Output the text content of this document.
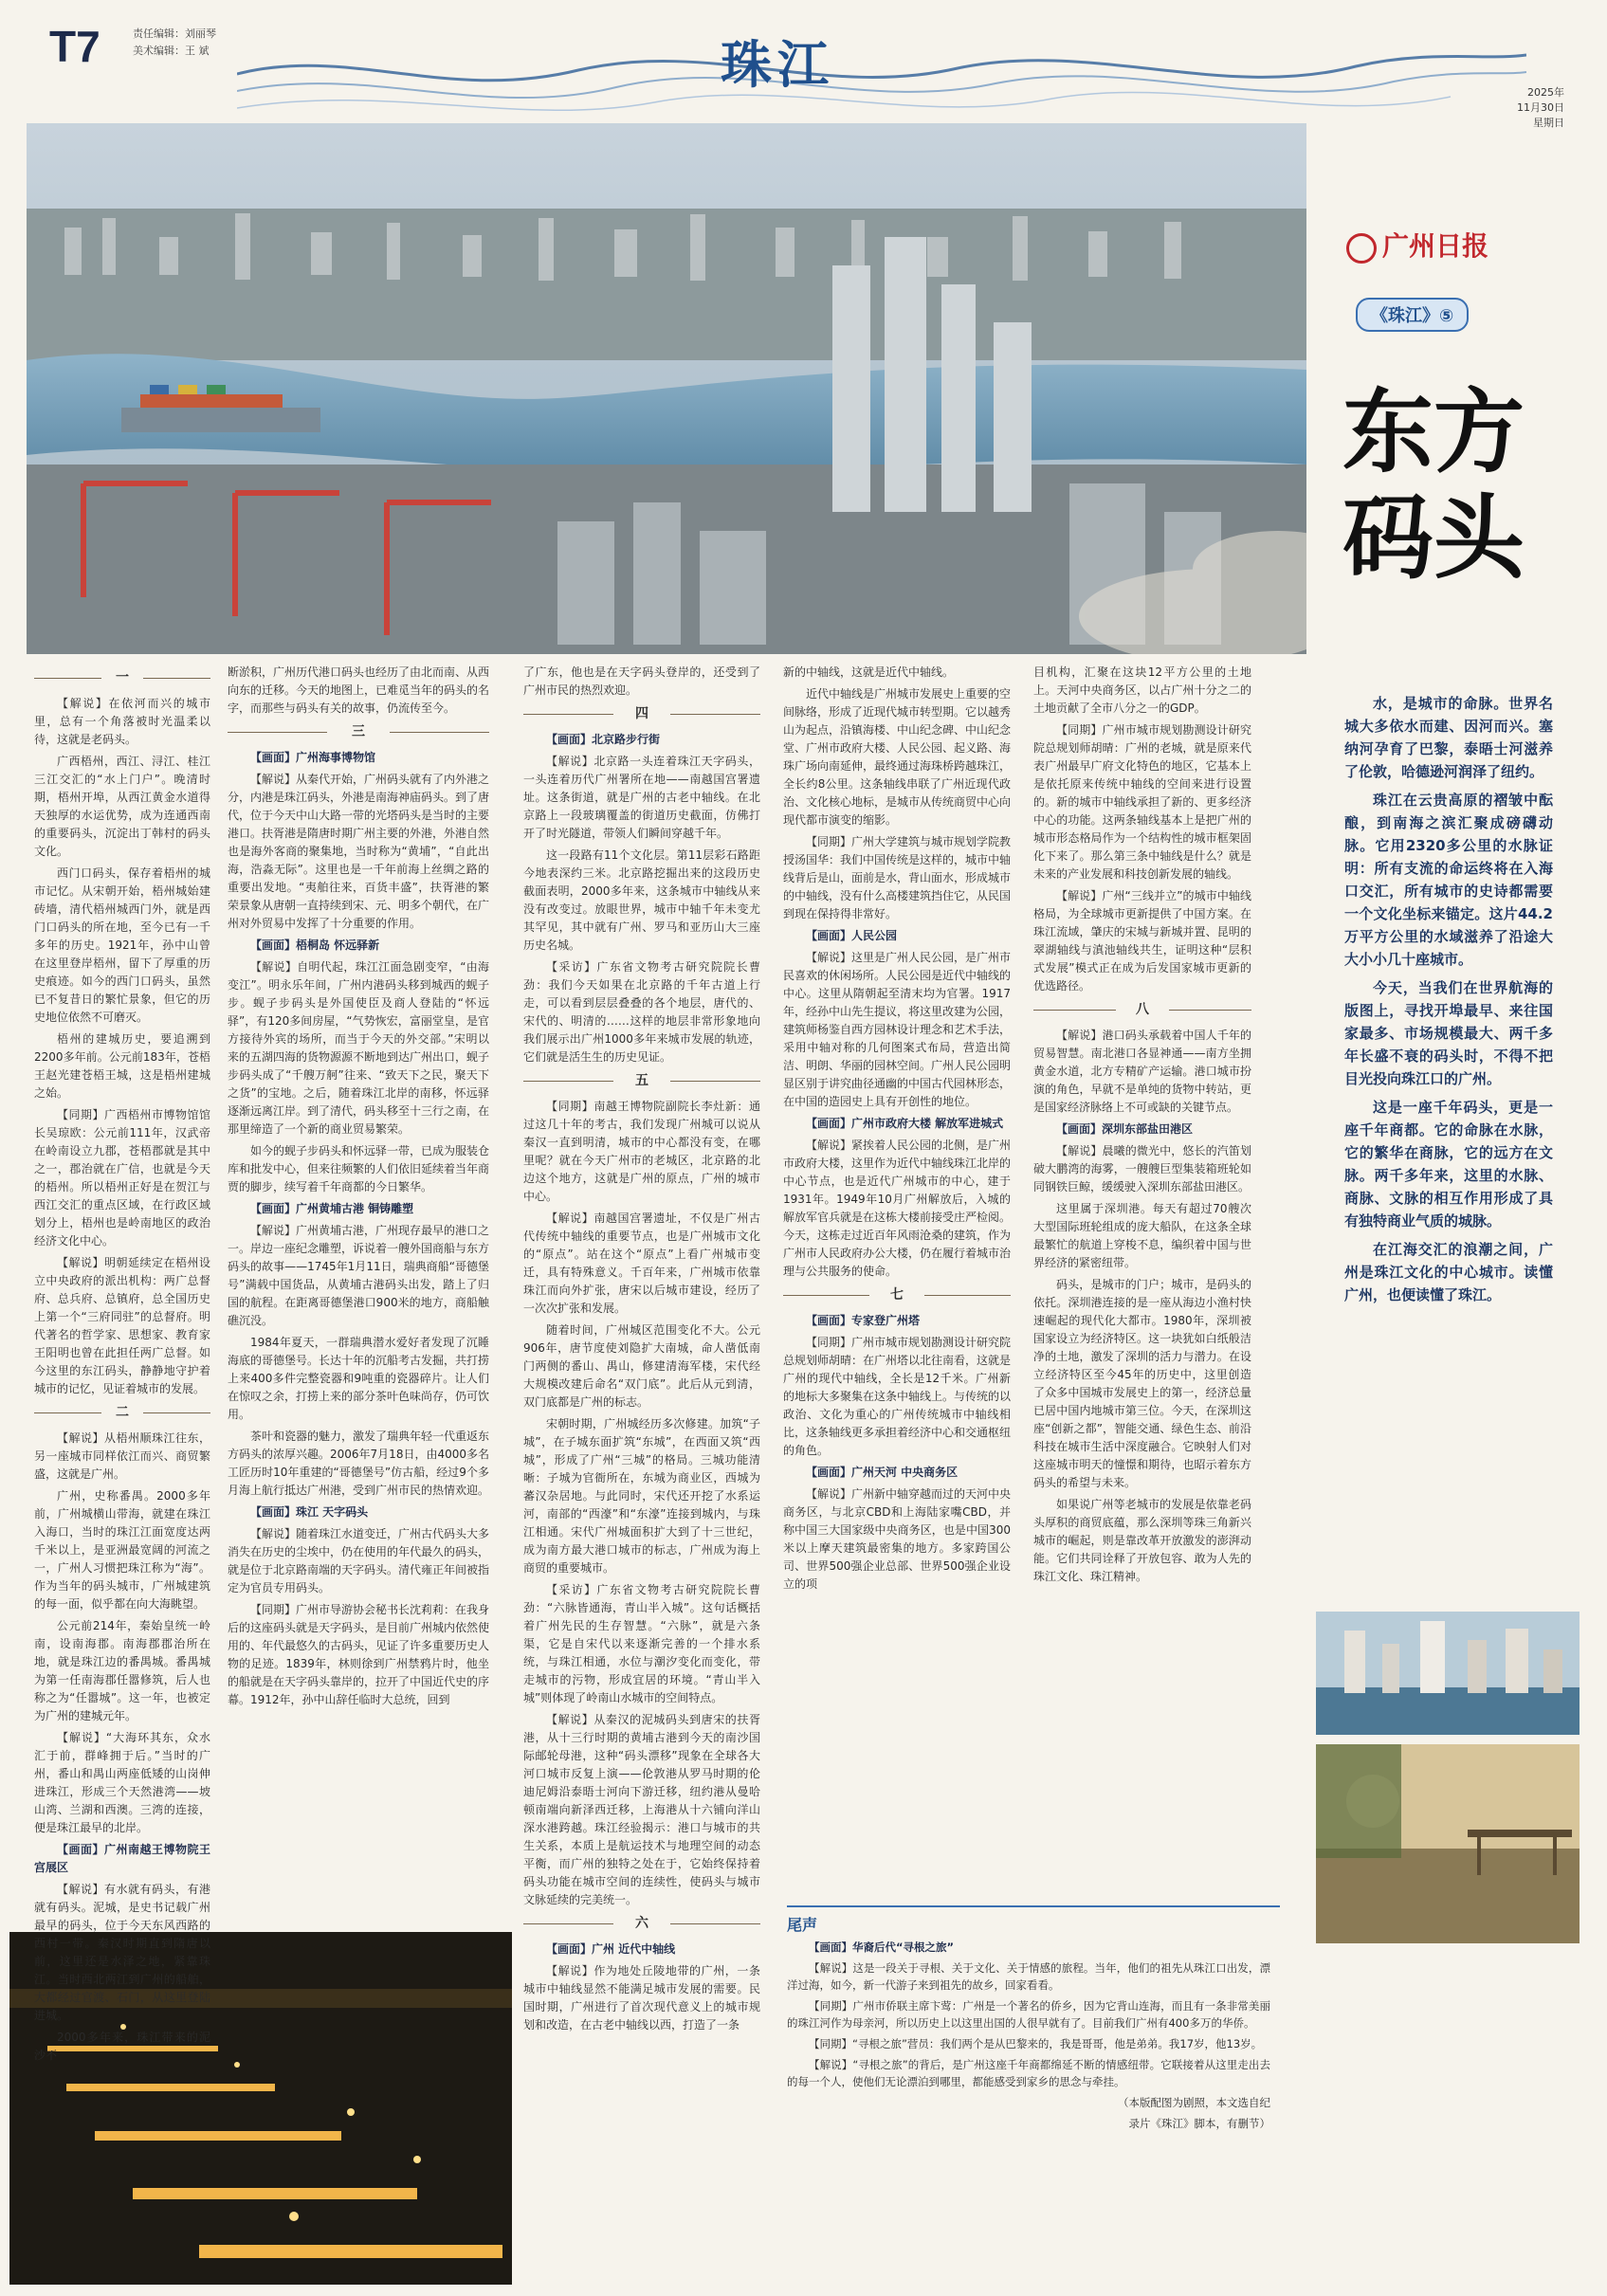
T7	责任编辑：刘丽琴
美术编辑：王 斌	珠江	2025年
11月30日
星期日
广州日报
《珠江》⑤
东方码头

水，是城市的命脉。世界名城大多依水而建、因河而兴。塞纳河孕育了巴黎，泰晤士河滋养了伦敦，哈德逊河润泽了纽约。

珠江在云贵高原的褶皱中酝酿，到南海之滨汇聚成磅礴动脉。它用2320多公里的水脉证明：所有支流的命运终将在入海口交汇，所有城市的史诗都需要一个文化坐标来锚定。这片44.2万平方公里的水域滋养了沿途大大小小几十座城市。

今天，当我们在世界航海的版图上，寻找开埠最早、来往国家最多、市场规模最大、两千多年长盛不衰的码头时，不得不把目光投向珠江口的广州。

这是一座千年码头，更是一座千年商都。它的命脉在水脉，它的繁华在商脉，它的远方在文脉。两千多年来，这里的水脉、商脉、文脉的相互作用形成了具有独特商业气质的城脉。

在江海交汇的浪潮之间，广州是珠江文化的中心城市。读懂广州，也便读懂了珠江。

一

【解说】在依河而兴的城市里，总有一个角落被时光温柔以待，这就是老码头。

广西梧州，西江、浔江、桂江三江交汇的“水上门户”。晚清时期，梧州开埠，从西江黄金水道得天独厚的水运优势，成为连通西南的重要码头，沉淀出丁韩村的码头文化。

西门口码头，保存着梧州的城市记忆。从宋朝开始，梧州城始建砖墙，清代梧州城西门外，就是西门口码头的所在地，至今已有一千多年的历史。1921年，孙中山曾在这里登岸梧州，留下了厚重的历史痕迹。如今的西门口码头，虽然已不复昔日的繁忙景象，但它的历史地位依然不可磨灭。

梧州的建城历史，要追溯到2200多年前。公元前183年，苍梧王赵光建苍梧王城，这是梧州建城之始。

【同期】广西梧州市博物馆馆长吴琼欧：公元前111年，汉武帝在岭南设立九郡，苍梧郡就是其中之一，郡治就在广信，也就是今天的梧州。所以梧州正好是在贺江与西江交汇的重点区域，在行政区域划分上，梧州也是岭南地区的政治经济文化中心。

【解说】明朝延续定在梧州设立中央政府的派出机构：两广总督府、总兵府、总镇府，总全国历史上第一个“三府同驻”的总督府。明代著名的哲学家、思想家、教育家王阳明也曾在此担任两广总督。如今这里的东江码头，静静地守护着城市的记忆，见证着城市的发展。

二

【解说】从梧州顺珠江往东，另一座城市同样依江而兴、商贸繁盛，这就是广州。

广州，史称番禺。2000多年前，广州城横山带海，就建在珠江入海口，当时的珠江江面宽度达两千米以上，是亚洲最宽阔的河流之一，广州人习惯把珠江称为“海”。作为当年的码头城市，广州城建筑的每一面，似乎都在向大海眺望。

公元前214年，秦始皇统一岭南，设南海郡。南海郡郡治所在地，就是珠江边的番禺城。番禺城为第一任南海郡任嚣修筑，后人也称之为“任嚣城”。这一年，也被定为广州的建城元年。

【解说】“大海环其东，众水汇于前，群峰拥于后。”当时的广州，番山和禺山两座低矮的山岗伸进珠江，形成三个天然港湾——坡山湾、兰湖和西澳。三湾的连接，便是珠江最早的北岸。

【画面】广州南越王博物院王宫展区

【解说】有水就有码头，有港就有码头。泥城，是史书记载广州最早的码头，位于今天东风西路的西村一带。秦汉时期直到隋唐以前，这里还是水泽之地，紧靠珠江。当时西北两江到广州的船舶，大都经过官渡、石门，从这里登陆进城。

2000多年来，珠江带来的泥沙不

断淤积，广州历代港口码头也经历了由北而南、从西向东的迁移。今天的地图上，已难觅当年的码头的名字，而那些与码头有关的故事，仍流传至今。

三

【画面】广州海事博物馆

【解说】从秦代开始，广州码头就有了内外港之分，内港是珠江码头，外港是南海神庙码头。到了唐代，位于今天中山大路一带的光塔码头是当时的主要港口。扶胥港是隋唐时期广州主要的外港，外港自然也是海外客商的聚集地，当时称为“黄埔”，“自此出海，浩淼无际”。这里也是一千年前海上丝绸之路的重要出发地。“夷舶往来，百货丰盛”，扶胥港的繁荣景象从唐朝一直持续到宋、元、明多个朝代，在广州对外贸易中发挥了十分重要的作用。

【画面】梧桐岛 怀远驿新

【解说】自明代起，珠江江面急剧变窄，“由海变江”。明永乐年间，广州内港码头移到城西的蚬子步。蚬子步码头是外国使臣及商人登陆的“怀远驿”，有120多间房屋，“气势恢宏，富丽堂皇，是官方接待外宾的场所，而当于今天的外交部。”宋明以来的五湖四海的货物源源不断地到达广州出口，蚬子步码头成了“千艘万舸”往来、“致天下之民，聚天下之货”的宝地。之后，随着珠江北岸的南移，怀远驿逐渐远离江岸。到了清代，码头移至十三行之南，在那里缔造了一个新的商业贸易繁荣。

如今的蚬子步码头和怀远驿一带，已成为服装仓库和批发中心，但来往频繁的人们依旧延续着当年商贾的脚步，续写着千年商都的今日繁华。

【画面】广州黄埔古港 铜铸雕塑

【解说】广州黄埔古港，广州现存最早的港口之一。岸边一座纪念雕塑，诉说着一艘外国商船与东方码头的故事——1745年1月11日，瑞典商船“哥德堡号”满载中国货品，从黄埔古港码头出发，踏上了归国的航程。在距离哥德堡港口900米的地方，商船触礁沉没。

1984年夏天，一群瑞典潜水爱好者发现了沉睡海底的哥德堡号。长达十年的沉船考古发掘，共打捞上来400多件完整瓷器和9吨重的瓷器碎片。让人们在惊叹之余，打捞上来的部分茶叶色味尚存，仍可饮用。

茶叶和瓷器的魅力，激发了瑞典年轻一代重返东方码头的浓厚兴趣。2006年7月18日，由4000多名工匠历时10年重建的“哥德堡号”仿古船，经过9个多月海上航行抵达广州港，受到广州市民的热情欢迎。

【画面】珠江 天字码头

【解说】随着珠江水道变迁，广州古代码头大多消失在历史的尘埃中，仍在使用的年代最久的码头，就是位于北京路南端的天字码头。清代雍正年间被指定为官员专用码头。

【同期】广州市导游协会秘书长沈莉莉：在我身后的这座码头就是天字码头，是目前广州城内依然使用的、年代最悠久的古码头，见证了许多重要历史人物的足迹。1839年，林则徐到广州禁鸦片时，他坐的船就是在天字码头靠岸的，拉开了中国近代史的序幕。1912年，孙中山辞任临时大总统，回到

了广东，他也是在天字码头登岸的，还受到了广州市民的热烈欢迎。

四

【画面】北京路步行街

【解说】北京路一头连着珠江天字码头，一头连着历代广州署所在地——南越国宫署遗址。这条街道，就是广州的古老中轴线。在北京路上一段玻璃覆盖的街道历史截面，仿佛打开了时光隧道，带领人们瞬间穿越千年。

这一段路有11个文化层。第11层彩石路距今地表深约三米。北京路挖掘出来的这段历史截面表明，2000多年来，这条城市中轴线从来没有改变过。放眼世界，城市中轴千年未变尤其罕见，其中就有广州、罗马和亚历山大三座历史名城。

【采访】广东省文物考古研究院院长曹劲：我们今天如果在北京路的千年古道上行走，可以看到层层叠叠的各个地层，唐代的、宋代的、明清的……这样的地层非常形象地向我们展示出广州1000多年来城市发展的轨迹，它们就是活生生的历史见证。

五

【同期】南越王博物院副院长李灶新：通过这几十年的考古，我们发现广州城可以说从秦汉一直到明清，城市的中心都没有变，在哪里呢？就在今天广州市的老城区，北京路的北边这个地方，这就是广州的原点，广州的城市中心。

【解说】南越国宫署遗址，不仅是广州古代传统中轴线的重要节点，也是广州城市文化的“原点”。站在这个“原点”上看广州城市变迁，具有特殊意义。千百年来，广州城市依靠珠江而向外扩张，唐宋以后城市建设，经历了一次次扩张和发展。

随着时间，广州城区范围变化不大。公元906年，唐节度使刘隐扩大南城，命人凿低南门两侧的番山、禺山，修建清海军楼，宋代经大规模改建后命名“双门底”。此后从元到清，双门底都是广州的标志。

宋朝时期，广州城经历多次修建。加筑“子城”，在子城东面扩筑“东城”，在西面又筑“西城”，形成了广州“三城”的格局。三城功能清晰：子城为官衙所在，东城为商业区，西城为蕃汉杂居地。与此同时，宋代还开挖了水系运河，南部的“西濠”和“东濠”连接到城内，与珠江相通。宋代广州城面积扩大到了十三世纪，成为南方最大港口城市的标志，广州成为海上商贸的重要城市。

【采访】广东省文物考古研究院院长曹劲：“六脉皆通海，青山半入城”。这句话概括着广州先民的生存智慧。“六脉”，就是六条渠，它是自宋代以来逐渐完善的一个排水系统，与珠江相通，水位与潮汐变化而变化，带走城市的污物，形成宜居的环境。“青山半入城”则体现了岭南山水城市的空间特点。

【解说】从秦汉的泥城码头到唐宋的扶胥港，从十三行时期的黄埔古港到今天的南沙国际邮轮母港，这种“码头漂移”现象在全球各大河口城市反复上演——伦敦港从罗马时期的伦迪尼姆沿泰晤士河向下游迁移，纽约港从曼哈顿南端向新泽西迁移，上海港从十六铺向洋山深水港跨越。珠江经验揭示：港口与城市的共生关系，本质上是航运技术与地理空间的动态平衡，而广州的独特之处在于，它始终保持着码头功能在城市空间的连续性，使码头与城市文脉延续的完美统一。

六

【画面】广州 近代中轴线

【解说】作为地处丘陵地带的广州，一条城市中轴线显然不能满足城市发展的需要。民国时期，广州进行了首次现代意义上的城市规划和改造，在古老中轴线以西，打造了一条

新的中轴线，这就是近代中轴线。

近代中轴线是广州城市发展史上重要的空间脉络，形成了近现代城市转型期。它以越秀山为起点，沿镇海楼、中山纪念碑、中山纪念堂、广州市政府大楼、人民公园、起义路、海珠广场向南延伸，最终通过海珠桥跨越珠江，全长约8公里。这条轴线串联了广州近现代政治、文化核心地标，是城市从传统商贸中心向现代都市演变的缩影。

【同期】广州大学建筑与城市规划学院教授汤国华：我们中国传统是这样的，城市中轴线背后是山，面前是水，背山面水，形成城市的中轴线，没有什么高楼建筑挡住它，从民国到现在保持得非常好。

【画面】人民公园

【解说】这里是广州人民公园，是广州市民喜欢的休闲场所。人民公园是近代中轴线的中心。这里从隋朝起至清末均为官署。1917年，经孙中山先生提议，将这里改建为公园，建筑师杨鉴自西方园林设计理念和艺术手法，采用中轴对称的几何图案式布局，营造出简洁、明朗、华丽的园林空间。广州人民公园明显区别于讲究曲径通幽的中国古代园林形态，在中国的造园史上具有开创性的地位。

【画面】广州市政府大楼 解放军进城式

【解说】紧挨着人民公园的北侧，是广州市政府大楼，这里作为近代中轴线珠江北岸的中心节点，也是近代广州城市的中心，建于1931年。1949年10月广州解放后，入城的解放军官兵就是在这栋大楼前接受庄严检阅。今天，这栋走过近百年风雨沧桑的建筑，作为广州市人民政府办公大楼，仍在履行着城市治理与公共服务的使命。

七

【画面】专家登广州塔

【同期】广州市城市规划勘测设计研究院总规划师胡晴：在广州塔以北往南看，这就是广州的现代中轴线，全长是12千米。广州新的地标大多聚集在这条中轴线上。与传统的以政治、文化为重心的广州传统城市中轴线相比，这条轴线更多承担着经济中心和交通枢纽的角色。

【画面】广州天河 中央商务区

【解说】广州新中轴穿越而过的天河中央商务区，与北京CBD和上海陆家嘴CBD，并称中国三大国家级中央商务区，也是中国300米以上摩天建筑最密集的地方。多家跨国公司、世界500强企业总部、世界500强企业设立的项

目机构，汇聚在这块12平方公里的土地上。天河中央商务区，以占广州十分之二的土地贡献了全市八分之一的GDP。

【同期】广州市城市规划勘测设计研究院总规划师胡晴：广州的老城，就是原来代表广州最早广府文化特色的地区，它基本上是依托原来传统中轴线的空间来进行设置的。新的城市中轴线承担了新的、更多经济中心的功能。这两条轴线基本上是把广州的城市形态格局作为一个结构性的城市框架固化下来了。那么第三条中轴线是什么？就是未来的产业发展和科技创新发展的轴线。

【解说】广州“三线并立”的城市中轴线格局，为全球城市更新提供了中国方案。在珠江流域，肇庆的宋城与新城并置、昆明的翠湖轴线与滇池轴线共生，证明这种“层积式发展”模式正在成为后发国家城市更新的优选路径。

八

【解说】港口码头承载着中国人千年的贸易智慧。南北港口各显神通——南方坐拥黄金水道，北方专精矿产运输。港口城市扮演的角色，早就不是单纯的货物中转站，更是国家经济脉络上不可或缺的关键节点。

【画面】深圳东部盐田港区

【解说】晨曦的微光中，悠长的汽笛划破大鹏湾的海雾，一艘艘巨型集装箱班轮如同钢铁巨鲸，缓缓驶入深圳东部盐田港区。

这里属于深圳港。每天有超过70艘次大型国际班轮组成的庞大船队，在这条全球最繁忙的航道上穿梭不息，编织着中国与世界经济的紧密纽带。

码头，是城市的门户；城市，是码头的依托。深圳港连接的是一座从海边小渔村快速崛起的现代化大都市。1980年，深圳被国家设立为经济特区。这一块犹如白纸般洁净的土地，激发了深圳的活力与潜力。在设立经济特区至今45年的历史中，这里创造了众多中国城市发展史上的第一，经济总量已居中国内地城市第三位。今天，在深圳这座“创新之都”，智能交通、绿色生态、前沿科技在城市生活中深度融合。它映射人们对这座城市明天的憧憬和期待，也昭示着东方码头的希望与未来。

如果说广州等老城市的发展是依靠老码头厚积的商贸底蕴，那么深圳等珠三角新兴城市的崛起，则是靠改革开放激发的澎湃动能。它们共同诠释了开放包容、敢为人先的珠江文化、珠江精神。

尾声

【画面】华裔后代“寻根之旅”

【解说】这是一段关于寻根、关于文化、关于情感的旅程。当年，他们的祖先从珠江口出发，漂洋过海，如今，新一代游子来到祖先的故乡，回家看看。

【同期】广州市侨联主席卞莺：广州是一个著名的侨乡，因为它背山连海，而且有一条非常美丽的珠江河作为母亲河，所以历史上以这里出国的人很早就有了。目前我们广州有400多万的华侨。

【同期】“寻根之旅”营员：我们两个是从巴黎来的，我是哥哥，他是弟弟。我17岁，他13岁。

【解说】“寻根之旅”的背后，是广州这座千年商都绵延不断的情感纽带。它联接着从这里走出去的每一个人，使他们无论漂泊到哪里，都能感受到家乡的思念与牵挂。

（本版配图为剧照，本文选自纪

录片《珠江》脚本，有删节）
